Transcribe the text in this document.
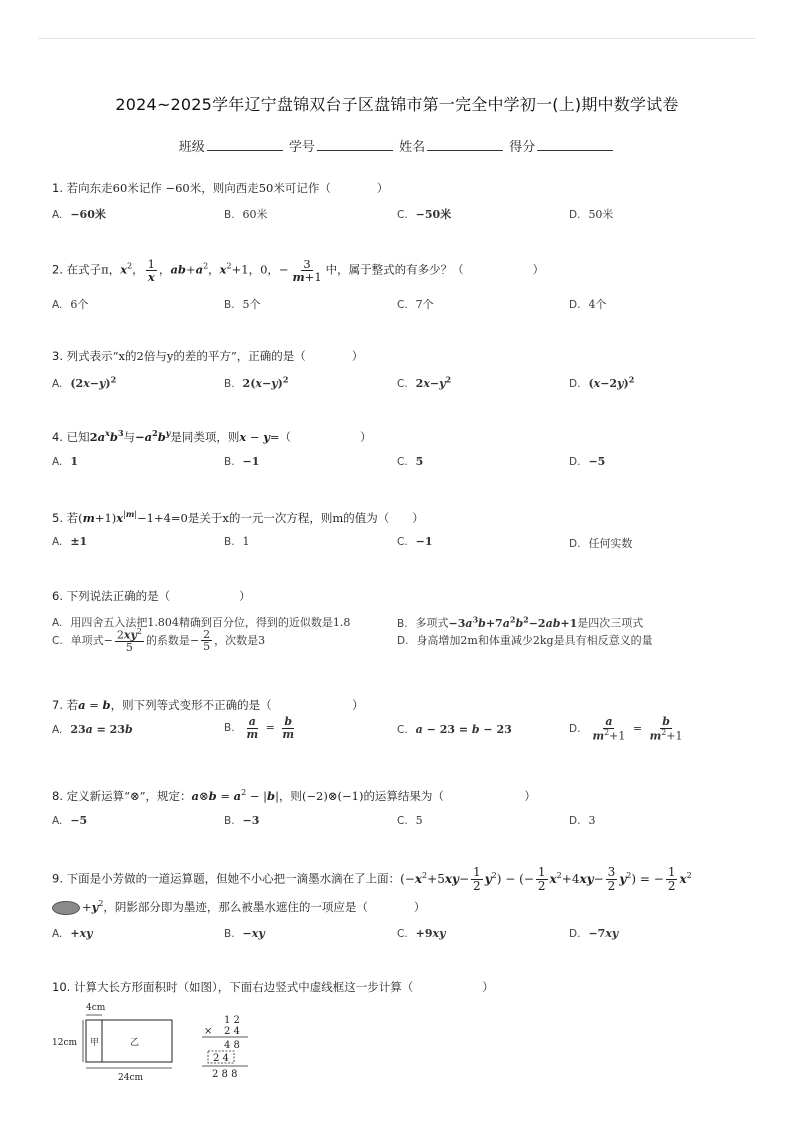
2024~2025学年辽宁盘锦双台子区盘锦市第一完全中学初一(上)期中数学试卷
班级	学号	姓名	得分
1. 若向东走60米记作 −60米，则向西走50米可记作（　　　　）
A. −60米	B. 60米	C. −50米	D. 50米
2. 在式子π，$x^2$， $\frac{1}{x}$ ，$ab+a^2$，$x^2+1$，0，− $\frac{3}{m+1}$ 中，属于整式的有多少？（　　　　　　）
A. 6个	B. 5个	C. 7个	D. 4个
3. 列式表示“x的2倍与y的差的平方”，正确的是（　　　　）
A. $(2x-y)^2$	B. $2(x-y)^2$	C. $2x-y^2$	D. $(x-2y)^2$
4. 已知$2a^xb^3$与$-a^2b^y$是同类项，则x − y=（　　　　　　）
A. 1	B. −1	C. 5	D. −5
5. 若$(m+1)x^{|m|}-1+4=0$是关于x的一元一次方程，则m的值为（　　）
A. ±1	B. 1	C. −1	D. 任何实数
6. 下列说法正确的是（　　　　　　）
A. 用四舍五入法把1.804精确到百分位，得到的近似数是1.8	B. 多项式$-3a^3b+7a^2b^2-2ab+1$是四次三项式
C. 单项式− $\frac{2xy^2}{5}$ 的系数是− $\frac{2}{5}$ ，次数是3	D. 身高增加2m和体重减少2kg是具有相反意义的量
7. 若a = b，则下列等式变形不正确的是（　　　　　　　）
A. 23a = 23b	B. $\frac{a}{m} = \frac{b}{m}$	C. a − 23 = b − 23	D. $\frac{a}{m^2+1} = \frac{b}{m^2+1}$
8. 定义新运算“⊗”，规定：a⊗b = $a^2 - |b|$，则(−2)⊗(−1)的运算结果为（　　　　　　　）
A. −5	B. −3	C. 5	D. 3
9. 下面是小芳做的一道运算题，但她不小心把一滴墨水滴在了上面：$(-x^2+5xy- \frac{1}{2} y^2)$ − (− $\frac{1}{2} x^2+4xy- \frac{3}{2} y^2$) = − $\frac{1}{2} x^2$
$+y^2$，阴影部分即为墨迹，那么被墨水遮住的一项应是（　　　　）
A. +xy	B. −xy	C. +9xy	D. −7xy
10. 计算大长方形面积时（如图），下面右边竖式中虚线框这一步计算（　　　　　　）
4cm
12cm 甲	乙
24cm
1 2
× 2 4
4 8
2 4
2 8 8
